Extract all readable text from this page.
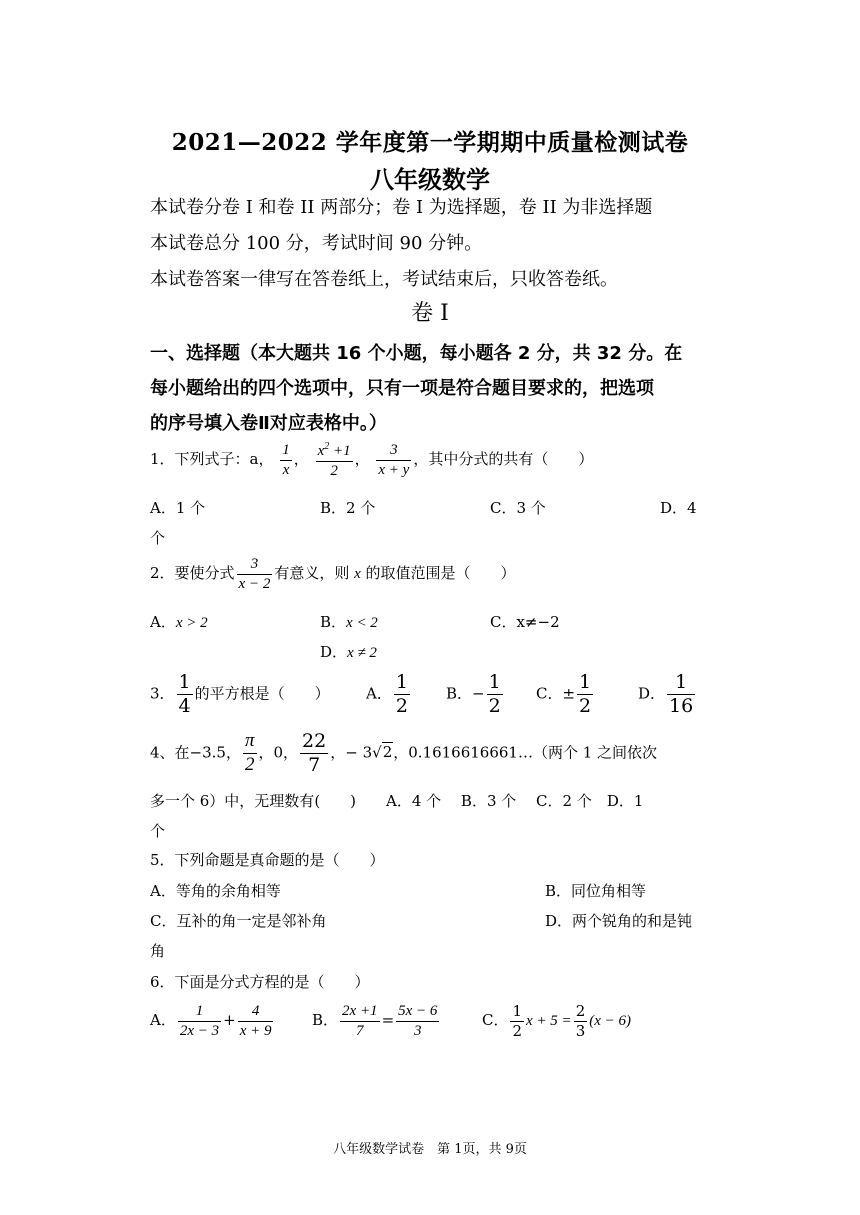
2021—2022 学年度第一学期期中质量检测试卷
八年级数学
本试卷分卷 I 和卷 II 两部分；卷 I 为选择题，卷 II 为非选择题
本试卷总分 100 分，考试时间 90 分钟。
本试卷答案一律写在答卷纸上，考试结束后，只收答卷纸。
卷 I
一、选择题（本大题共 16 个小题，每小题各 2 分，共 32 分。在
每小题给出的四个选项中，只有一项是符合题目要求的，把选项
的序号填入卷Ⅱ对应表格中。）
1．下列式子：a， $\frac{1}{x}$ ， $\frac{x^2 +1}{2}$ ， $\frac{3}{x + y}$ ，其中分式的共有（　　）
A．1 个	B．2 个	C．3 个	D．4
个
2．要使分式 $\frac{3}{x - 2}$ 有意义，则 x 的取值范围是（　　）
A．x > 2	B．x < 2	C．x≠−2
D．x ≠ 2
3． $\frac{1}{4}$ 的平方根是（　　） A． $\frac{1}{2}$ B．− $\frac{1}{2}$ C．± $\frac{1}{2}$	D． $\frac{1}{16}$
4、在−3.5， $\frac{\pi}{2}$ ，0， $\frac{22}{7}$ ，− 3√2，0.1616616661…（两个 1 之间依次
多一个 6）中，无理数有(　　)　　A．4 个　 B．3 个　 C．2 个　D．1
个
5．下列命题是真命题的是（　　）
A．等角的余角相等	B．同位角相等
C．互补的角一定是邻补角	D．两个锐角的和是钝
角
6．下面是分式方程的是（　　）
A． $\frac{1}{2x - 3} + \frac{4}{x + 9}$	B． $\frac{2x +1}{7} = \frac{5x - 6}{3}$	C． $\frac{1}{2}$ $x + 5 = \frac{2}{3} (x - 6)$
八年级数学试卷　第 1页，共 9页
